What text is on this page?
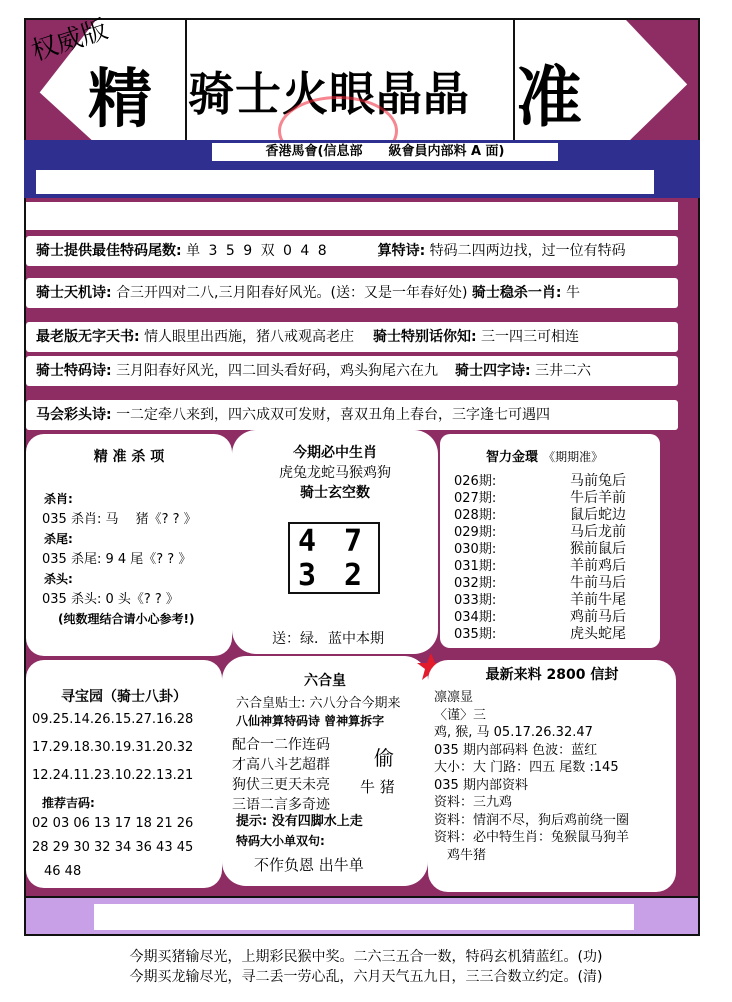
权威版
精 骑士火眼晶晶 准
香港馬會(信息部　　級會員内部料 A 面)
骑士提供最佳特码尾数: 单 3 5 9 双 0 4 8	算特诗: 特码二四两边找，过一位有特码
骑士天机诗: 合三开四对二八,三月阳春好风光。(送：又是一年春好处) 骑士稳杀一肖: 牛
最老版无字天书: 情人眼里出西施，猪八戒观高老庄 骑士特别话你知: 三一四三可相连
骑士特码诗: 三月阳春好风光，四二回头看好码，鸡头狗尾六在九 骑士四字诗: 三井二六
马会彩头诗: 一二定牵八来到，四六成双可发财，喜双丑角上春台，三字逢七可遇四
精 准 杀 项
杀肖:
035 杀肖: 马　 猪《? ? 》
杀尾:
035 杀尾: 9 4 尾《? ? 》
杀头:
035 杀头: 0 头《? ? 》
(纯数理结合请小心参考!)
今期必中生肖
虎兔龙蛇马猴鸡狗
骑士玄空数
4 7
3 2
送：绿．蓝中本期
智力金環 《期期准》
026期:	马前兔后
027期:	牛后羊前
028期:	鼠后蛇边
029期:	马后龙前
030期:	猴前鼠后
031期:	羊前鸡后
032期:	牛前马后
033期:	羊前牛尾
034期:	鸡前马后
035期:	虎头蛇尾
寻宝园（骑士八卦）
09.25.14.26.15.27.16.28
17.29.18.30.19.31.20.32
12.24.11.23.10.22.13.21
推荐吉码:
02 03 06 13 17 18 21 26
28 29 30 32 34 36 43 45
46 48
六合皇
六合皇贴士: 六八分合今期来
八仙神算特码诗 曾神算拆字
配合一二作连码
才高八斗艺超群
狗伏三更天未亮
三语二言多奇迹
偷
牛 猪
提示: 没有四脚水上走
特码大小单双句:
不作负恩 出牛单
最新来料 2800 信封
凛凛显
〈谨〉三
鸡, 猴, 马 05.17.26.32.47
035 期内部码料 色波：蓝红
大小：大 门路：四五 尾数 :145
035 期内部资料
资料：三九鸡
资料：情润不尽，狗后鸡前绕一圈
资料：必中特生肖：兔猴鼠马狗羊
　鸡牛猪
今期买猪输尽光，上期彩民猴中奖。二六三五合一数，特码玄机猜蓝红。(功)
今期买龙输尽光，寻二丢一劳心乱，六月天气五九日，三三合数立约定。(清)
